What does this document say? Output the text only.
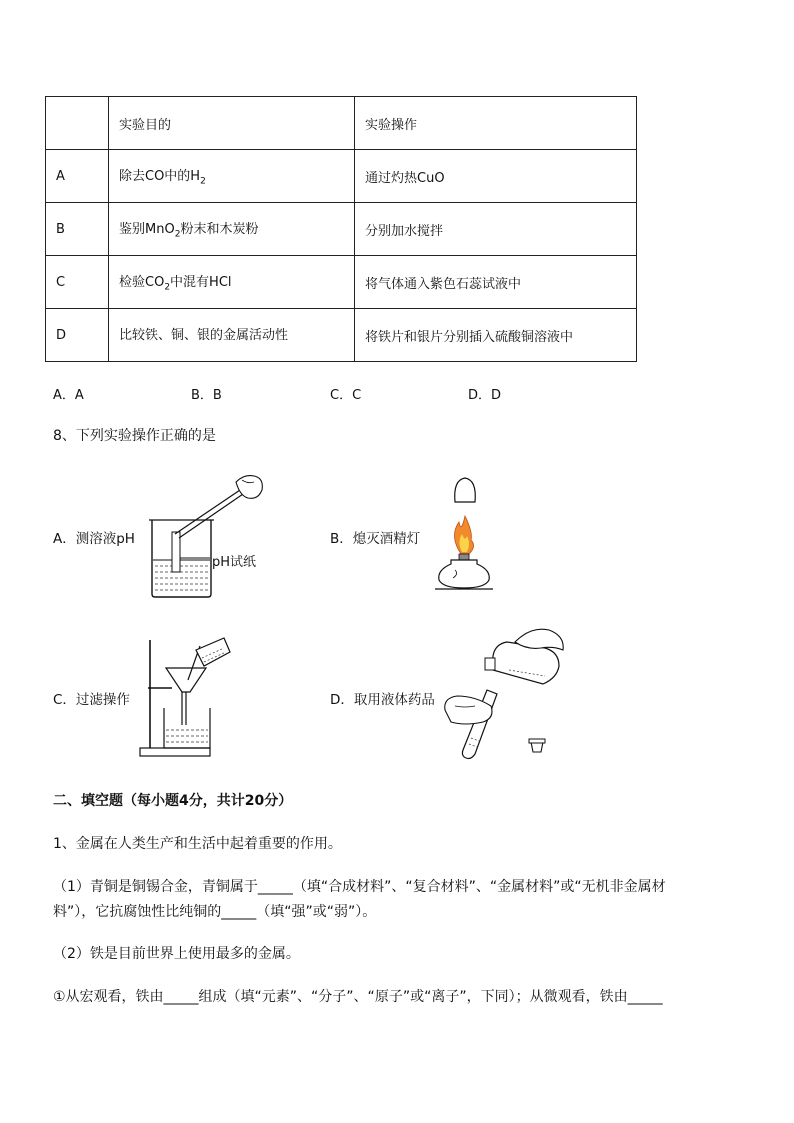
	实验目的	实验操作
A	除去CO中的$H_2$	通过灼热CuO
B	鉴别MnO$_2$粉末和木炭粉	分别加水搅拌
C	检验$CO_2$中混有HCl	将气体通入紫色石蕊试液中
D	比较铁、铜、银的金属活动性	将铁片和银片分别插入硫酸铜溶液中
A．A	B．B	C．C	D．D
8、下列实验操作正确的是
A．测溶液pH
pH试纸
B．熄灭酒精灯
C．过滤操作	D．取用液体药品
二、填空题（每小题4分，共计20分）
1、金属在人类生产和生活中起着重要的作用。
（1）青铜是铜锡合金，青铜属于_____（填“合成材料”、“复合材料”、“金属材料”或“无机非金属材
料”），它抗腐蚀性比纯铜的_____（填“强”或“弱”）。
（2）铁是目前世界上使用最多的金属。
①从宏观看，铁由_____组成（填“元素”、“分子”、“原子”或“离子”，下同）；从微观看，铁由_____
